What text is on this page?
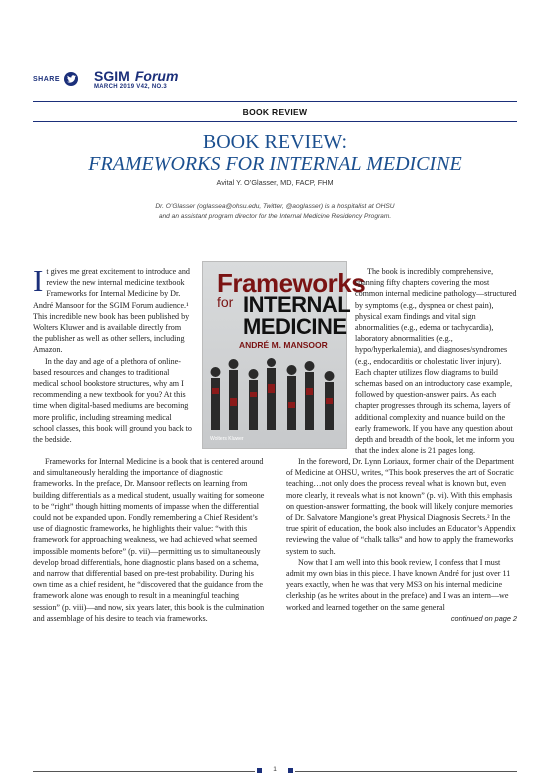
SHARE SGIM Forum
MARCH 2019 V42, NO.3
BOOK REVIEW
BOOK REVIEW:
FRAMEWORKS FOR INTERNAL MEDICINE
Avital Y. O’Glasser, MD, FACP, FHM
Dr. O’Glasser (oglassea@ohsu.edu, Twitter, @aoglasser) is a hospitalist at OHSU and an assistant program director for the Internal Medicine Residency Program.
Frameworks
for INTERNAL
MEDICINE
ANDRÉ M. MANSOOR
Wolters Kluwer

It gives me great excitement to introduce and review the new internal medicine textbook Frameworks for Internal Medicine by Dr. André Mansoor for the SGIM Forum audience.¹ This incredible new book has been published by Wolters Kluwer and is available directly from the publisher as well as other sellers, including Amazon.

In the day and age of a plethora of online-based resources and changes to traditional medical school bookstore structures, why am I recommending a new textbook for you? At this time when digital-based mediums are becoming more prolific, including streaming medical school classes, this book will ground you back to the bedside.

Frameworks for Internal Medicine is a book that is centered around and simultaneously heralding the importance of diagnostic frameworks. In the preface, Dr. Mansoor reflects on learning from building differentials as a medical student, usually waiting for someone to be “right” though hitting moments of impasse when the differential could not be expanded upon. Fondly remembering a Chief Resident’s use of diagnostic frameworks, he highlights their value: “with this framework for approaching weakness, we had achieved what seemed impossible moments before” (p. vii)—permitting us to simultaneously develop broad differentials, hone diagnostic plans based on a schema, and narrow that differential based on pre-test probability. During his own time as a chief resident, he “discovered that the guidance from the framework alone was enough to result in a meaningful teaching session” (p. viii)—and now, six years later, this book is the culmination and assemblage of his desire to teach via frameworks.

The book is incredibly comprehensive, spanning fifty chapters covering the most common internal medicine pathology—structured by symptoms (e.g., dyspnea or chest pain), physical exam findings and vital sign abnormalities (e.g., edema or tachycardia), laboratory abnormalities (e.g., hypo/hyperkalemia), and diagnoses/syndromes (e.g., endocarditis or cholestatic liver injury). Each chapter utilizes flow diagrams to build schemas based on an introductory case example, followed by question-answer pairs. As each chapter progresses through its schema, layers of additional complexity and nuance build on the early framework. If you have any question about depth and breadth of the book, let me inform you that the index alone is 21 pages long.

In the foreword, Dr. Lynn Loriaux, former chair of the Department of Medicine at OHSU, writes, “This book preserves the art of Socratic teaching…not only does the process reveal what is known but, even more clearly, it reveals what is not known” (p. vi). With this emphasis on question-answer formatting, the book will likely conjure memories of Dr. Salvatore Mangione’s great Physical Diagnosis Secrets.² In the true spirit of education, the book also includes an Educator’s Appendix reviewing the value of “chalk talks” and how to apply the frameworks system to such.

Now that I am well into this book review, I confess that I must admit my own bias in this piece. I have known André for just over 11 years exactly, when he was that very MS3 on his internal medicine clerkship (as he writes about in the preface) and I was an intern—we worked and learned together on the same general

continued on page 2
1
